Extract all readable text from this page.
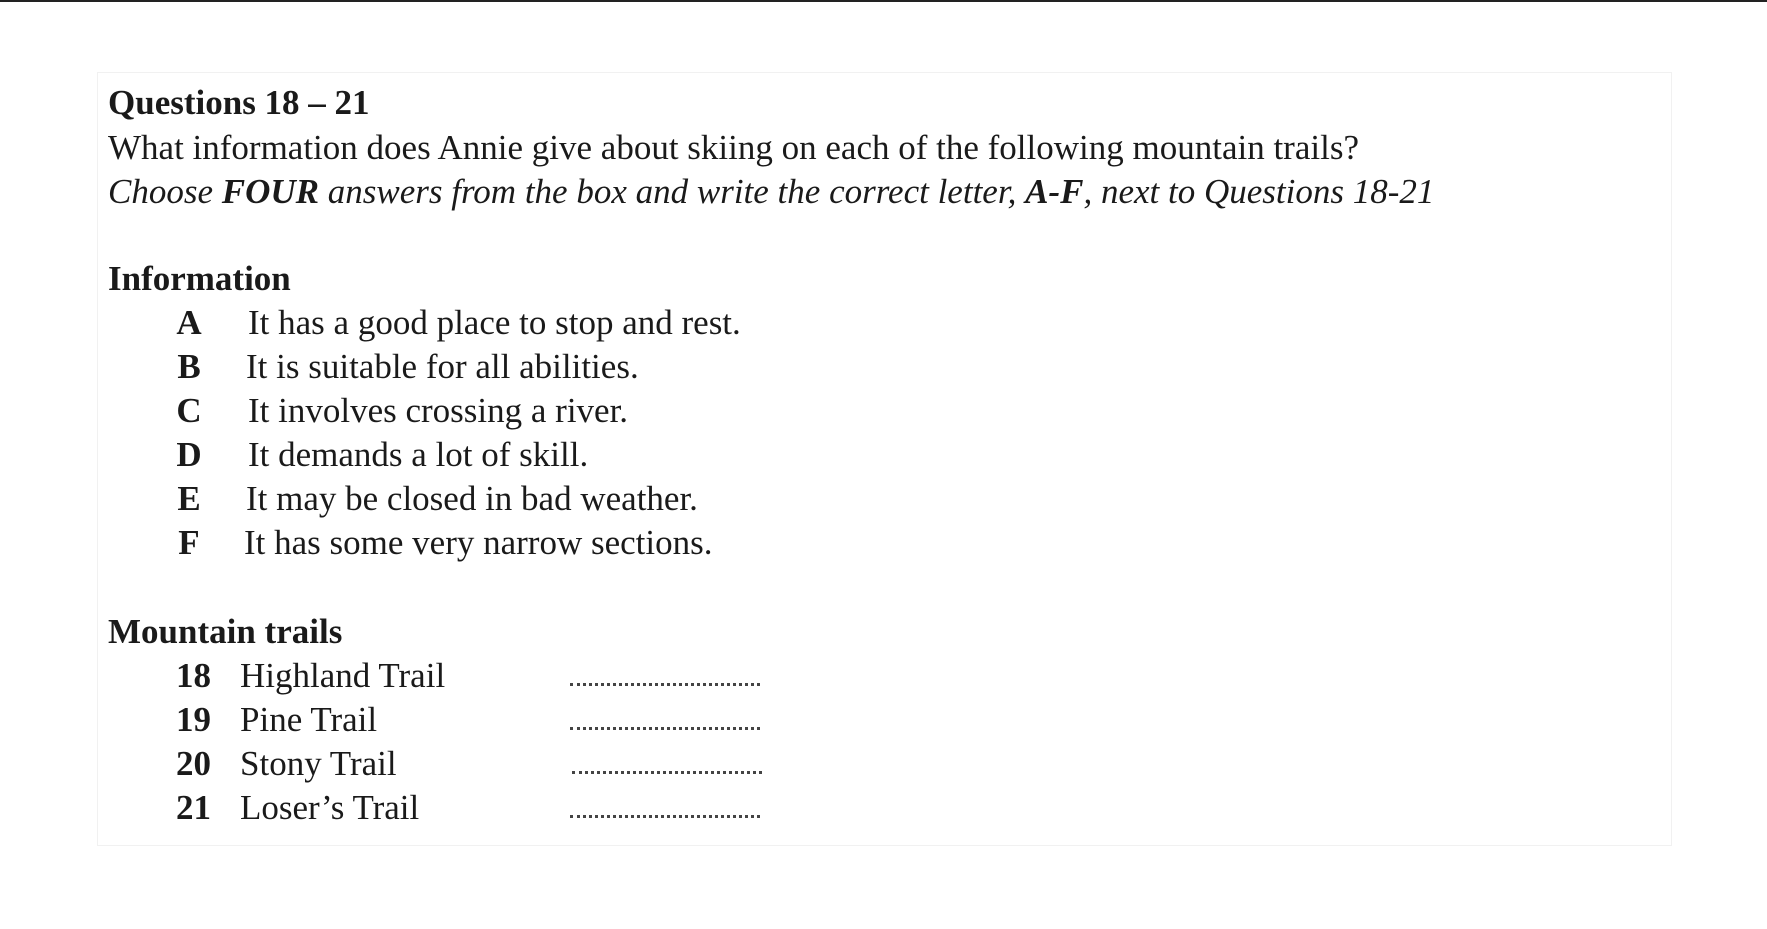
Questions 18 – 21
What information does Annie give about skiing on each of the following mountain trails?
Choose FOUR answers from the box and write the correct letter, A-F, next to Questions 18-21
Information
A It has a good place to stop and rest.
B It is suitable for all abilities.
C It involves crossing a river.
D It demands a lot of skill.
E It may be closed in bad weather.
F	It has some very narrow sections.
Mountain trails
18 Highland Trail
19 Pine Trail
20 Stony Trail
21 Loser’s Trail
